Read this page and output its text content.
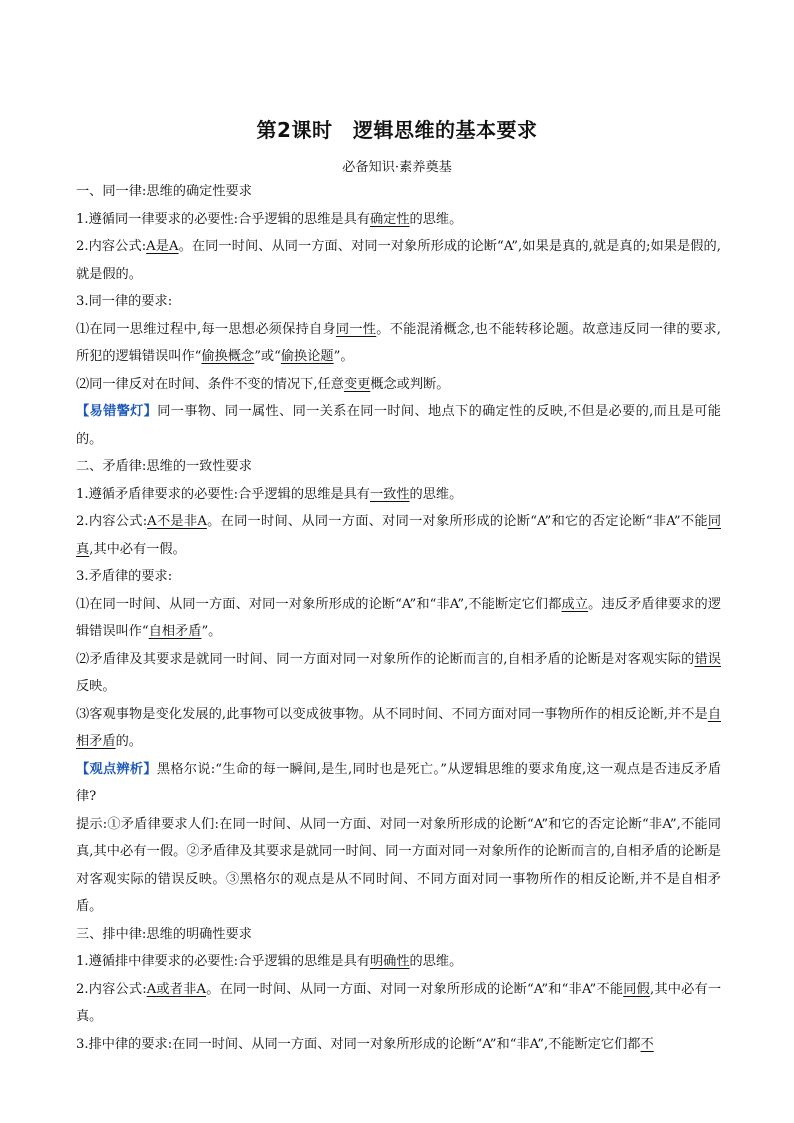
第2课时　逻辑思维的基本要求
必备知识·素养奠基

一、同一律:思维的确定性要求

1.遵循同一律要求的必要性:合乎逻辑的思维是具有确定性的思维。

2.内容公式:A是A。在同一时间、从同一方面、对同一对象所形成的论断“A”,如果是真的,就是真的;如果是假的,就是假的。

3.同一律的要求:

⑴在同一思维过程中,每一思想必须保持自身同一性。不能混淆概念,也不能转移论题。故意违反同一律的要求,所犯的逻辑错误叫作“偷换概念”或“偷换论题”。

⑵同一律反对在时间、条件不变的情况下,任意变更概念或判断。

【易错警灯】同一事物、同一属性、同一关系在同一时间、地点下的确定性的反映,不但是必要的,而且是可能的。

二、矛盾律:思维的一致性要求

1.遵循矛盾律要求的必要性:合乎逻辑的思维是具有一致性的思维。

2.内容公式:A不是非A。在同一时间、从同一方面、对同一对象所形成的论断“A”和它的否定论断“非A”不能同真,其中必有一假。

3.矛盾律的要求:

⑴在同一时间、从同一方面、对同一对象所形成的论断“A”和“非A”,不能断定它们都成立。违反矛盾律要求的逻辑错误叫作“自相矛盾”。

⑵矛盾律及其要求是就同一时间、同一方面对同一对象所作的论断而言的,自相矛盾的论断是对客观实际的错误反映。

⑶客观事物是变化发展的,此事物可以变成彼事物。从不同时间、不同方面对同一事物所作的相反论断,并不是自相矛盾的。

【观点辨析】黑格尔说:“生命的每一瞬间,是生,同时也是死亡。”从逻辑思维的要求角度,这一观点是否违反矛盾律?

提示:①矛盾律要求人们:在同一时间、从同一方面、对同一对象所形成的论断“A”和它的否定论断“非A”,不能同真,其中必有一假。②矛盾律及其要求是就同一时间、同一方面对同一对象所作的论断而言的,自相矛盾的论断是对客观实际的错误反映。③黑格尔的观点是从不同时间、不同方面对同一事物所作的相反论断,并不是自相矛盾。

三、排中律:思维的明确性要求

1.遵循排中律要求的必要性:合乎逻辑的思维是具有明确性的思维。

2.内容公式:A或者非A。在同一时间、从同一方面、对同一对象所形成的论断“A”和“非A”不能同假,其中必有一真。

3.排中律的要求:在同一时间、从同一方面、对同一对象所形成的论断“A”和“非A”,不能断定它们都不
